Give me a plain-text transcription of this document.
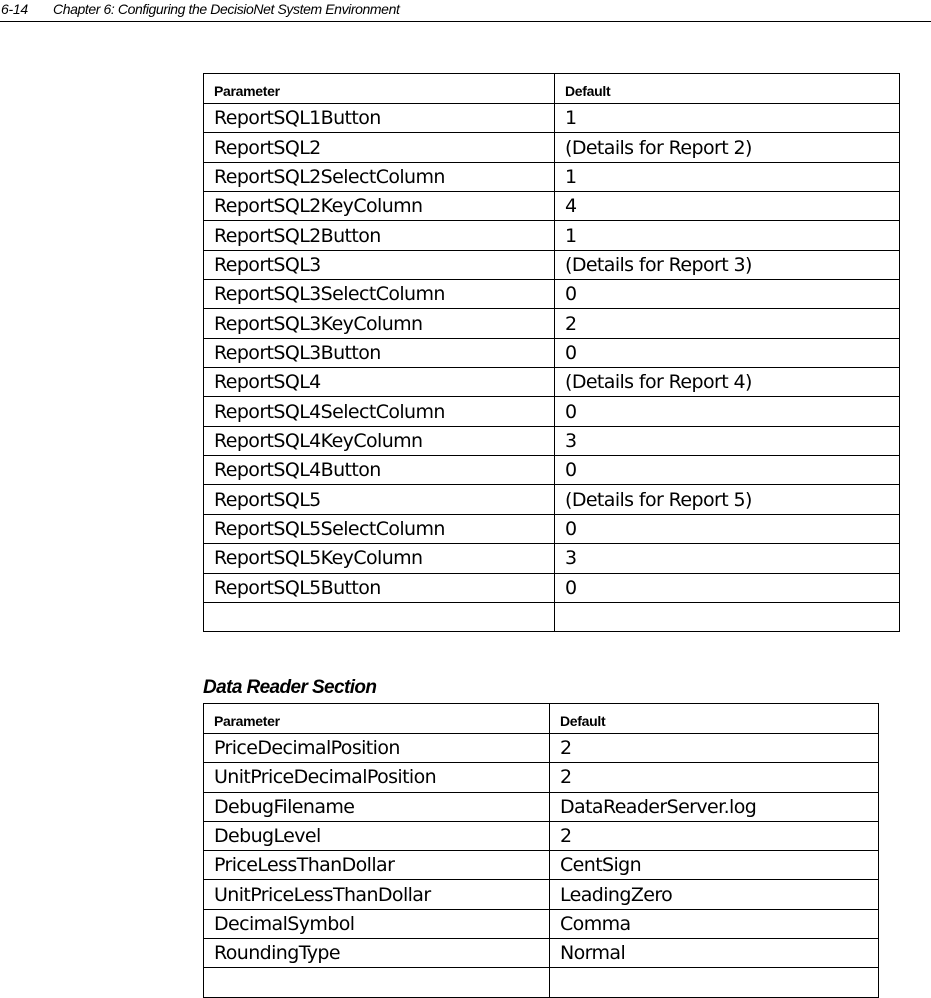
6-14 Chapter 6: Configuring the DecisioNet System Environment
Parameter	Default
ReportSQL1Button	1
ReportSQL2	(Details for Report 2)
ReportSQL2SelectColumn	1
ReportSQL2KeyColumn	4
ReportSQL2Button	1
ReportSQL3	(Details for Report 3)
ReportSQL3SelectColumn	0
ReportSQL3KeyColumn	2
ReportSQL3Button	0
ReportSQL4	(Details for Report 4)
ReportSQL4SelectColumn	0
ReportSQL4KeyColumn	3
ReportSQL4Button	0
ReportSQL5	(Details for Report 5)
ReportSQL5SelectColumn	0
ReportSQL5KeyColumn	3
ReportSQL5Button	0

Data Reader Section
Parameter	Default
PriceDecimalPosition	2
UnitPriceDecimalPosition	2
DebugFilename	DataReaderServer.log
DebugLevel	2
PriceLessThanDollar	CentSign
UnitPriceLessThanDollar	LeadingZero
DecimalSymbol	Comma
RoundingType	Normal
